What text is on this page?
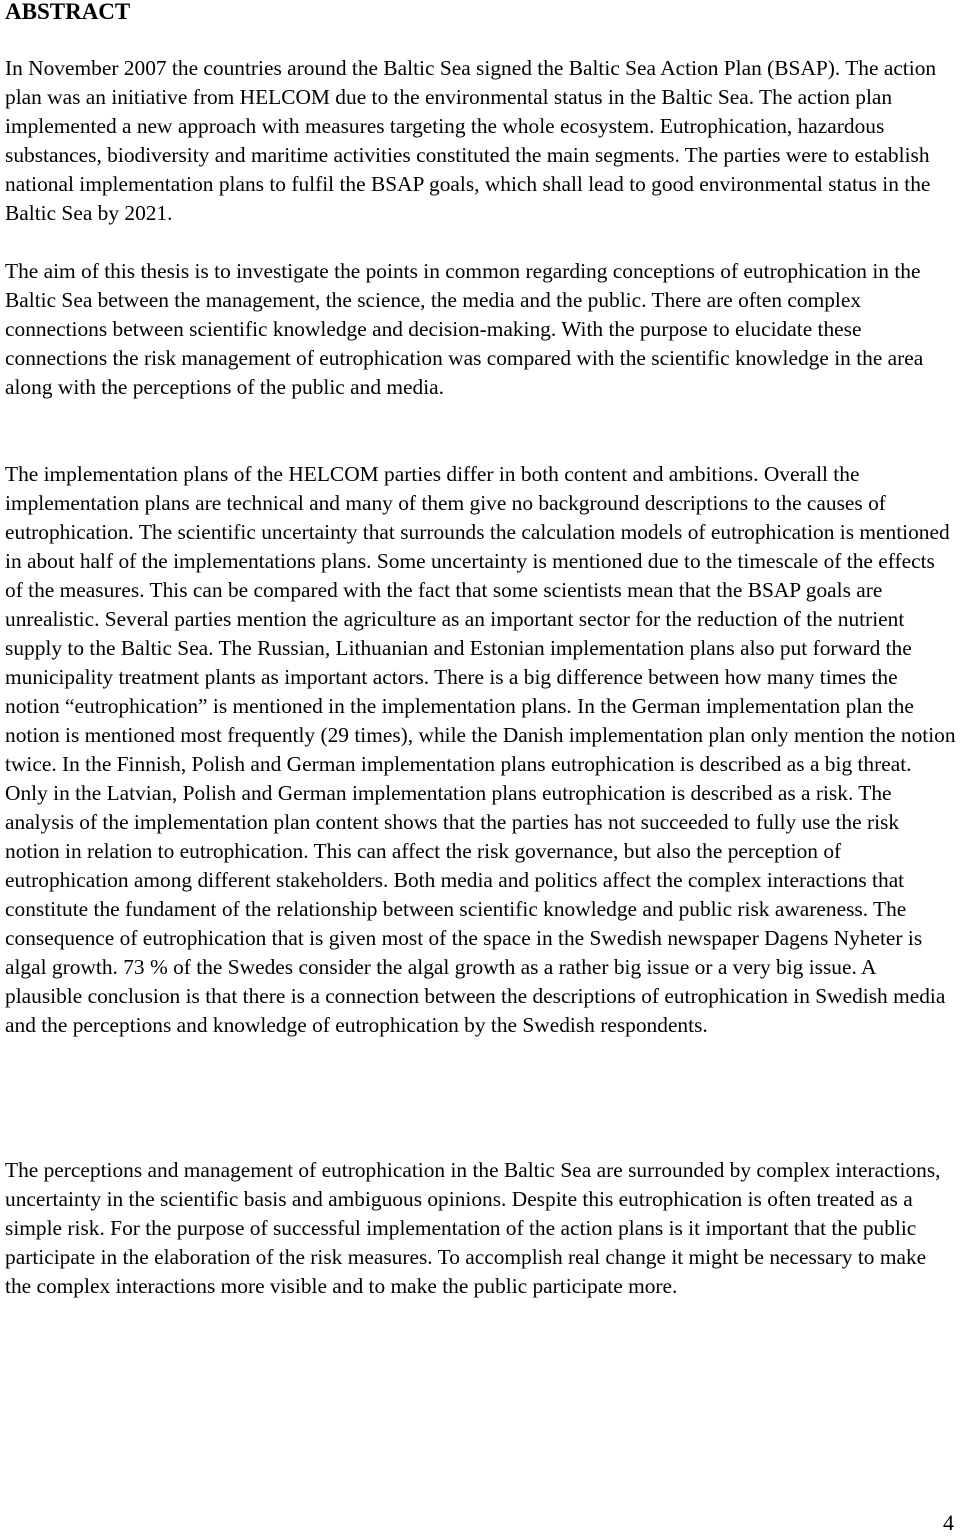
ABSTRACT

In November 2007 the countries around the Baltic Sea signed the Baltic Sea Action Plan (BSAP). The action plan was an initiative from HELCOM due to the environmental status in the Baltic Sea. The action plan implemented a new approach with measures targeting the whole ecosystem. Eutrophication, hazardous substances, biodiversity and maritime activities constituted the main segments. The parties were to establish national implementation plans to fulfil the BSAP goals, which shall lead to good environmental status in the Baltic Sea by 2021.

The aim of this thesis is to investigate the points in common regarding conceptions of eutrophication in the Baltic Sea between the management, the science, the media and the public. There are often complex connections between scientific knowledge and decision-making. With the purpose to elucidate these connections the risk management of eutrophication was compared with the scientific knowledge in the area along with the perceptions of the public and media.

The implementation plans of the HELCOM parties differ in both content and ambitions. Overall the implementation plans are technical and many of them give no background descriptions to the causes of eutrophication. The scientific uncertainty that surrounds the calculation models of eutrophication is mentioned in about half of the implementations plans. Some uncertainty is mentioned due to the timescale of the effects of the measures. This can be compared with the fact that some scientists mean that the BSAP goals are unrealistic. Several parties mention the agriculture as an important sector for the reduction of the nutrient supply to the Baltic Sea. The Russian, Lithuanian and Estonian implementation plans also put forward the municipality treatment plants as important actors. There is a big difference between how many times the notion “eutrophication” is mentioned in the implementation plans. In the German implementation plan the notion is mentioned most frequently (29 times), while the Danish implementation plan only mention the notion twice. In the Finnish, Polish and German implementation plans eutrophication is described as a big threat. Only in the Latvian, Polish and German implementation plans eutrophication is described as a risk. The analysis of the implementation plan content shows that the parties has not succeeded to fully use the risk notion in relation to eutrophication. This can affect the risk governance, but also the perception of eutrophication among different stakeholders. Both media and politics affect the complex interactions that constitute the fundament of the relationship between scientific knowledge and public risk awareness. The consequence of eutrophication that is given most of the space in the Swedish newspaper Dagens Nyheter is algal growth. 73 % of the Swedes consider the algal growth as a rather big issue or a very big issue. A plausible conclusion is that there is a connection between the descriptions of eutrophication in Swedish media and the perceptions and knowledge of eutrophication by the Swedish respondents.

The perceptions and management of eutrophication in the Baltic Sea are surrounded by complex interactions, uncertainty in the scientific basis and ambiguous opinions. Despite this eutrophication is often treated as a simple risk. For the purpose of successful implementation of the action plans is it important that the public participate in the elaboration of the risk measures. To accomplish real change it might be necessary to make the complex interactions more visible and to make the public participate more.

4
